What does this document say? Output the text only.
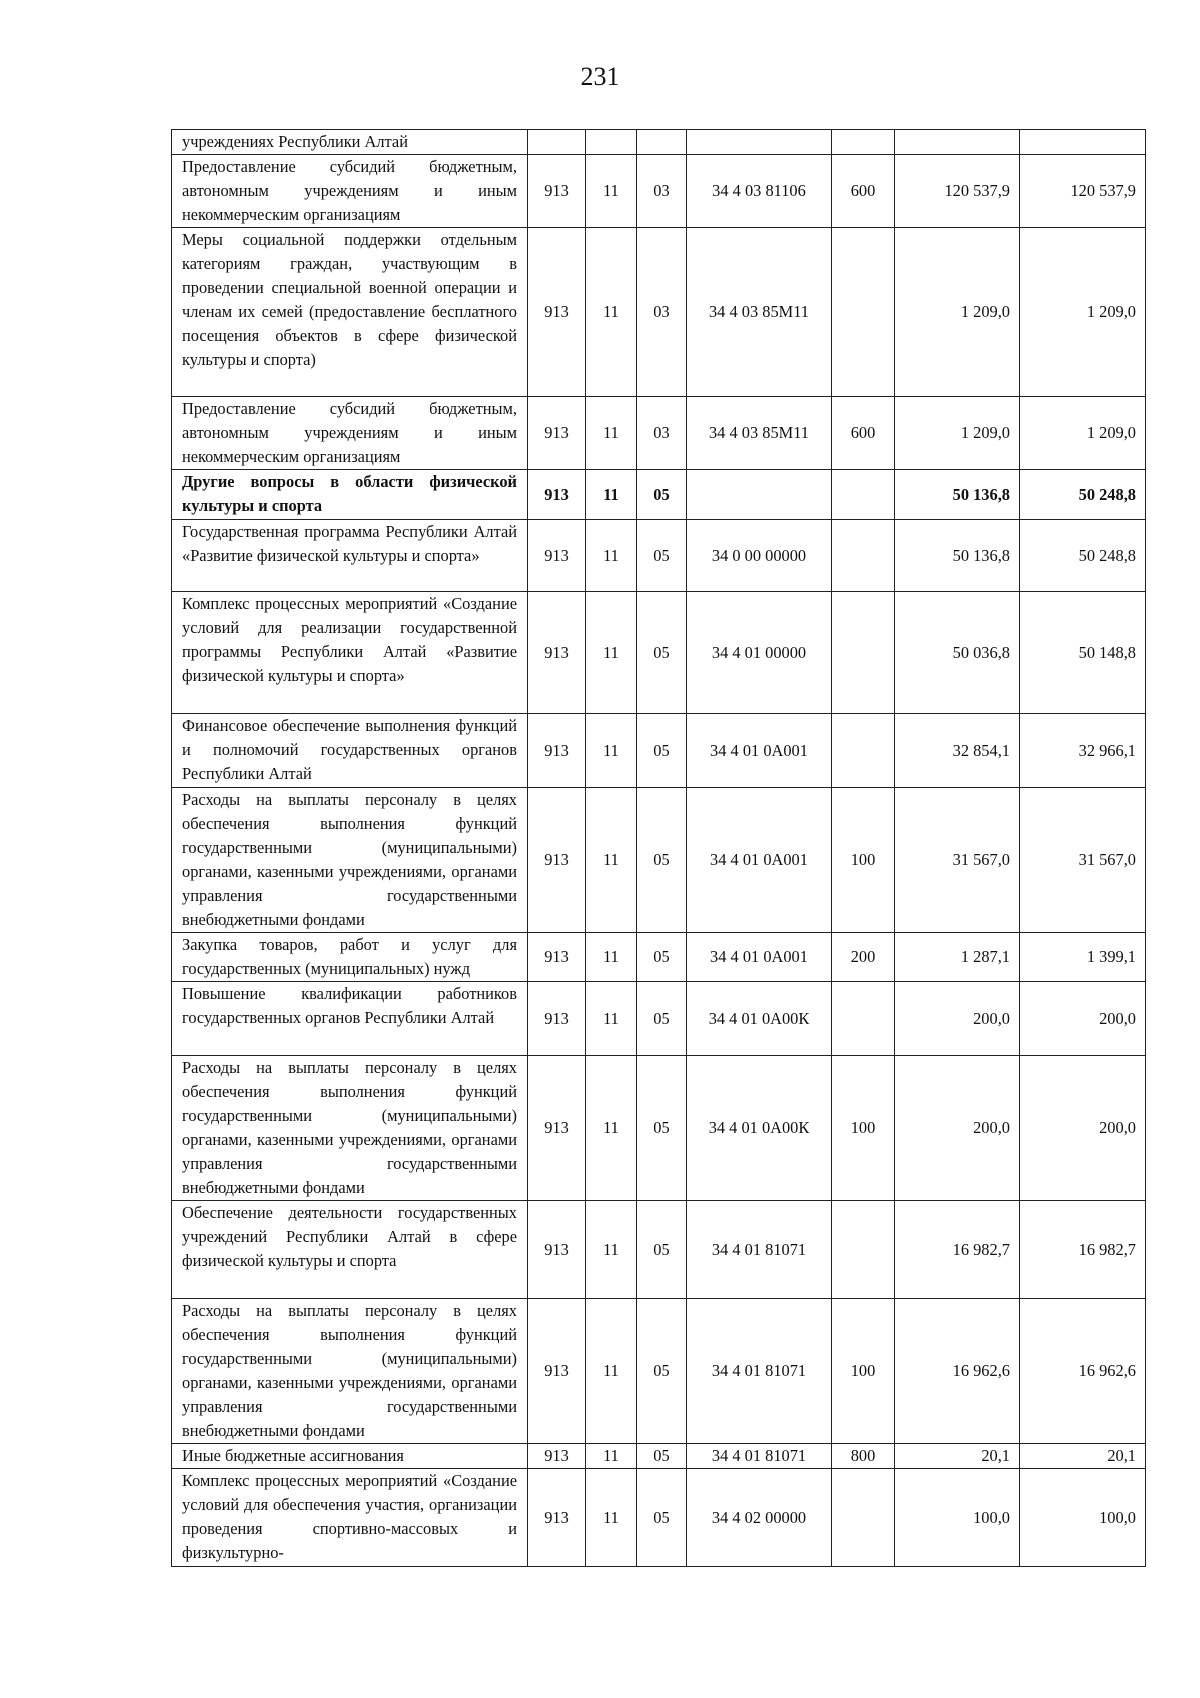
231
учреждениях Республики Алтай							
Предоставление субсидий бюджетным, автономным учреждениям и иным некоммерческим организациям	913	11	03	34 4 03 81106	600	120 537,9	120 537,9
Меры социальной поддержки отдельным категориям граждан, участвующим в проведении специальной военной операции и членам их семей (предоставление бесплатного посещения объектов в сфере физической культуры и спорта)	913	11	03	34 4 03 85М11		1 209,0	1 209,0
Предоставление субсидий бюджетным, автономным учреждениям и иным некоммерческим организациям	913	11	03	34 4 03 85М11	600	1 209,0	1 209,0
Другие вопросы в области физической культуры и спорта	913	11	05			50 136,8	50 248,8
Государственная программа Республики Алтай «Развитие физической культуры и спорта»	913	11	05	34 0 00 00000		50 136,8	50 248,8
Комплекс процессных мероприятий «Создание условий для реализации государственной программы Республики Алтай «Развитие физической культуры и спорта»	913	11	05	34 4 01 00000		50 036,8	50 148,8
Финансовое обеспечение выполнения функций и полномочий государственных органов Республики Алтай	913	11	05	34 4 01 0А001		32 854,1	32 966,1
Расходы на выплаты персоналу в целях обеспечения выполнения функций государственными (муниципальными) органами, казенными учреждениями, органами управления государственными внебюджетными фондами	913	11	05	34 4 01 0А001	100	31 567,0	31 567,0
Закупка товаров, работ и услуг для государственных (муниципальных) нужд	913	11	05	34 4 01 0А001	200	1 287,1	1 399,1
Повышение квалификации работников государственных органов Республики Алтай	913	11	05	34 4 01 0А00К		200,0	200,0
Расходы на выплаты персоналу в целях обеспечения выполнения функций государственными (муниципальными) органами, казенными учреждениями, органами управления государственными внебюджетными фондами	913	11	05	34 4 01 0А00К	100	200,0	200,0
Обеспечение деятельности государственных учреждений Республики Алтай в сфере физической культуры и спорта	913	11	05	34 4 01 81071		16 982,7	16 982,7
Расходы на выплаты персоналу в целях обеспечения выполнения функций государственными (муниципальными) органами, казенными учреждениями, органами управления государственными внебюджетными фондами	913	11	05	34 4 01 81071	100	16 962,6	16 962,6
Иные бюджетные ассигнования	913	11	05	34 4 01 81071	800	20,1	20,1
Комплекс процессных мероприятий «Создание условий для обеспечения участия, организации проведения спортивно-массовых и физкультурно-	913	11	05	34 4 02 00000		100,0	100,0
